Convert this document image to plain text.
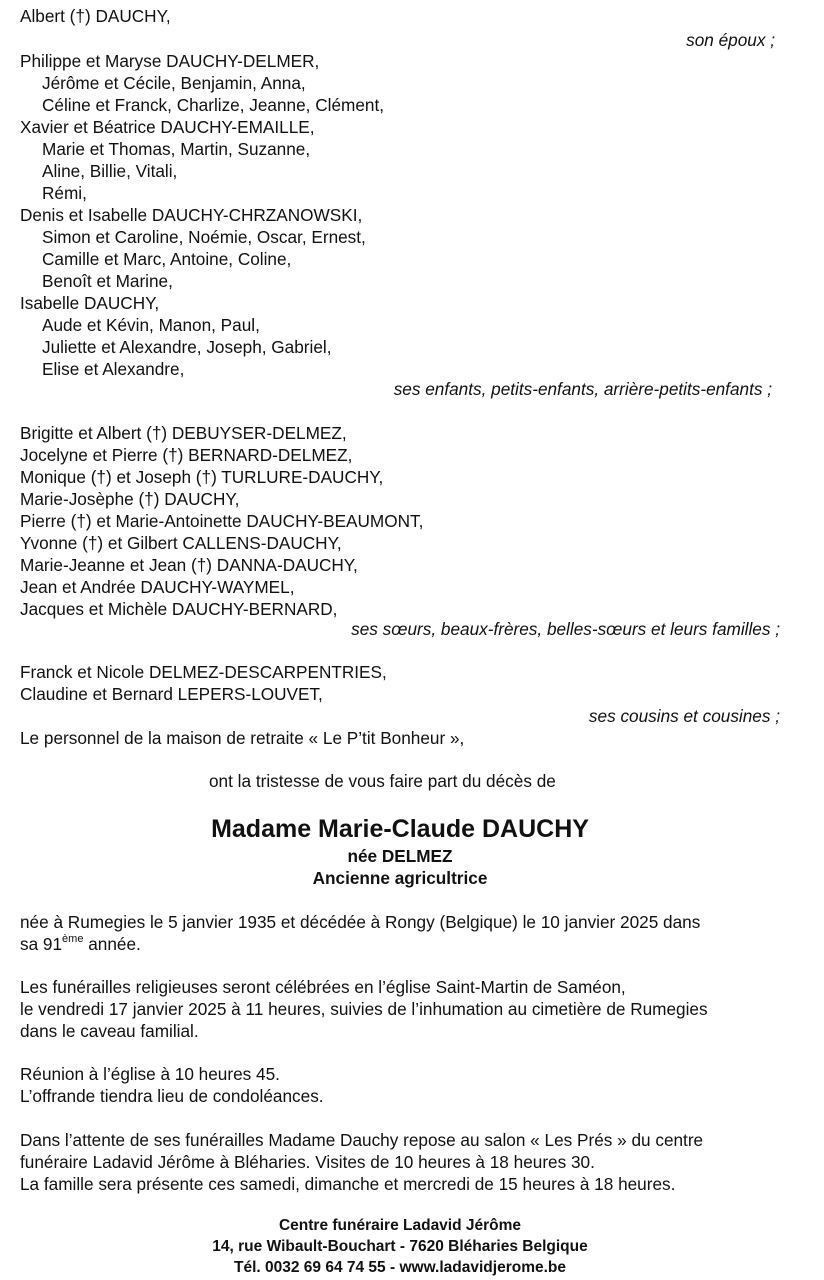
Albert (†) DAUCHY,
son époux ;
Philippe et Maryse DAUCHY-DELMER,
Jérôme et Cécile, Benjamin, Anna,
Céline et Franck, Charlize, Jeanne, Clément,
Xavier et Béatrice DAUCHY-EMAILLE,
Marie et Thomas, Martin, Suzanne,
Aline, Billie, Vitali,
Rémi,
Denis et Isabelle DAUCHY-CHRZANOWSKI,
Simon et Caroline, Noémie, Oscar, Ernest,
Camille et Marc, Antoine, Coline,
Benoît et Marine,
Isabelle DAUCHY,
Aude et Kévin, Manon, Paul,
Juliette et Alexandre, Joseph, Gabriel,
Elise et Alexandre,
ses enfants, petits-enfants, arrière-petits-enfants ;
Brigitte et Albert (†) DEBUYSER-DELMEZ,
Jocelyne et Pierre (†) BERNARD-DELMEZ,
Monique (†) et Joseph (†) TURLURE-DAUCHY,
Marie-Josèphe (†) DAUCHY,
Pierre (†) et Marie-Antoinette DAUCHY-BEAUMONT,
Yvonne (†) et Gilbert CALLENS-DAUCHY,
Marie-Jeanne et Jean (†) DANNA-DAUCHY,
Jean et Andrée DAUCHY-WAYMEL,
Jacques et Michèle DAUCHY-BERNARD,
ses sœurs, beaux-frères, belles-sœurs et leurs familles ;
Franck et Nicole DELMEZ-DESCARPENTRIES,
Claudine et Bernard LEPERS-LOUVET,
ses cousins et cousines ;
Le personnel de la maison de retraite « Le P’tit Bonheur »,
ont la tristesse de vous faire part du décès de
Madame Marie-Claude DAUCHY
née DELMEZ
Ancienne agricultrice
née à Rumegies le 5 janvier 1935 et décédée à Rongy (Belgique) le 10 janvier 2025 dans
sa 91ème année.
Les funérailles religieuses seront célébrées en l’église Saint-Martin de Saméon,
le vendredi 17 janvier 2025 à 11 heures, suivies de l’inhumation au cimetière de Rumegies
dans le caveau familial.
Réunion à l’église à 10 heures 45.
L’offrande tiendra lieu de condoléances.
Dans l’attente de ses funérailles Madame Dauchy repose au salon « Les Prés » du centre
funéraire Ladavid Jérôme à Bléharies. Visites de 10 heures à 18 heures 30.
La famille sera présente ces samedi, dimanche et mercredi de 15 heures à 18 heures.
Centre funéraire Ladavid Jérôme
14, rue Wibault-Bouchart - 7620 Bléharies Belgique
Tél. 0032 69 64 74 55 - www.ladavidjerome.be
